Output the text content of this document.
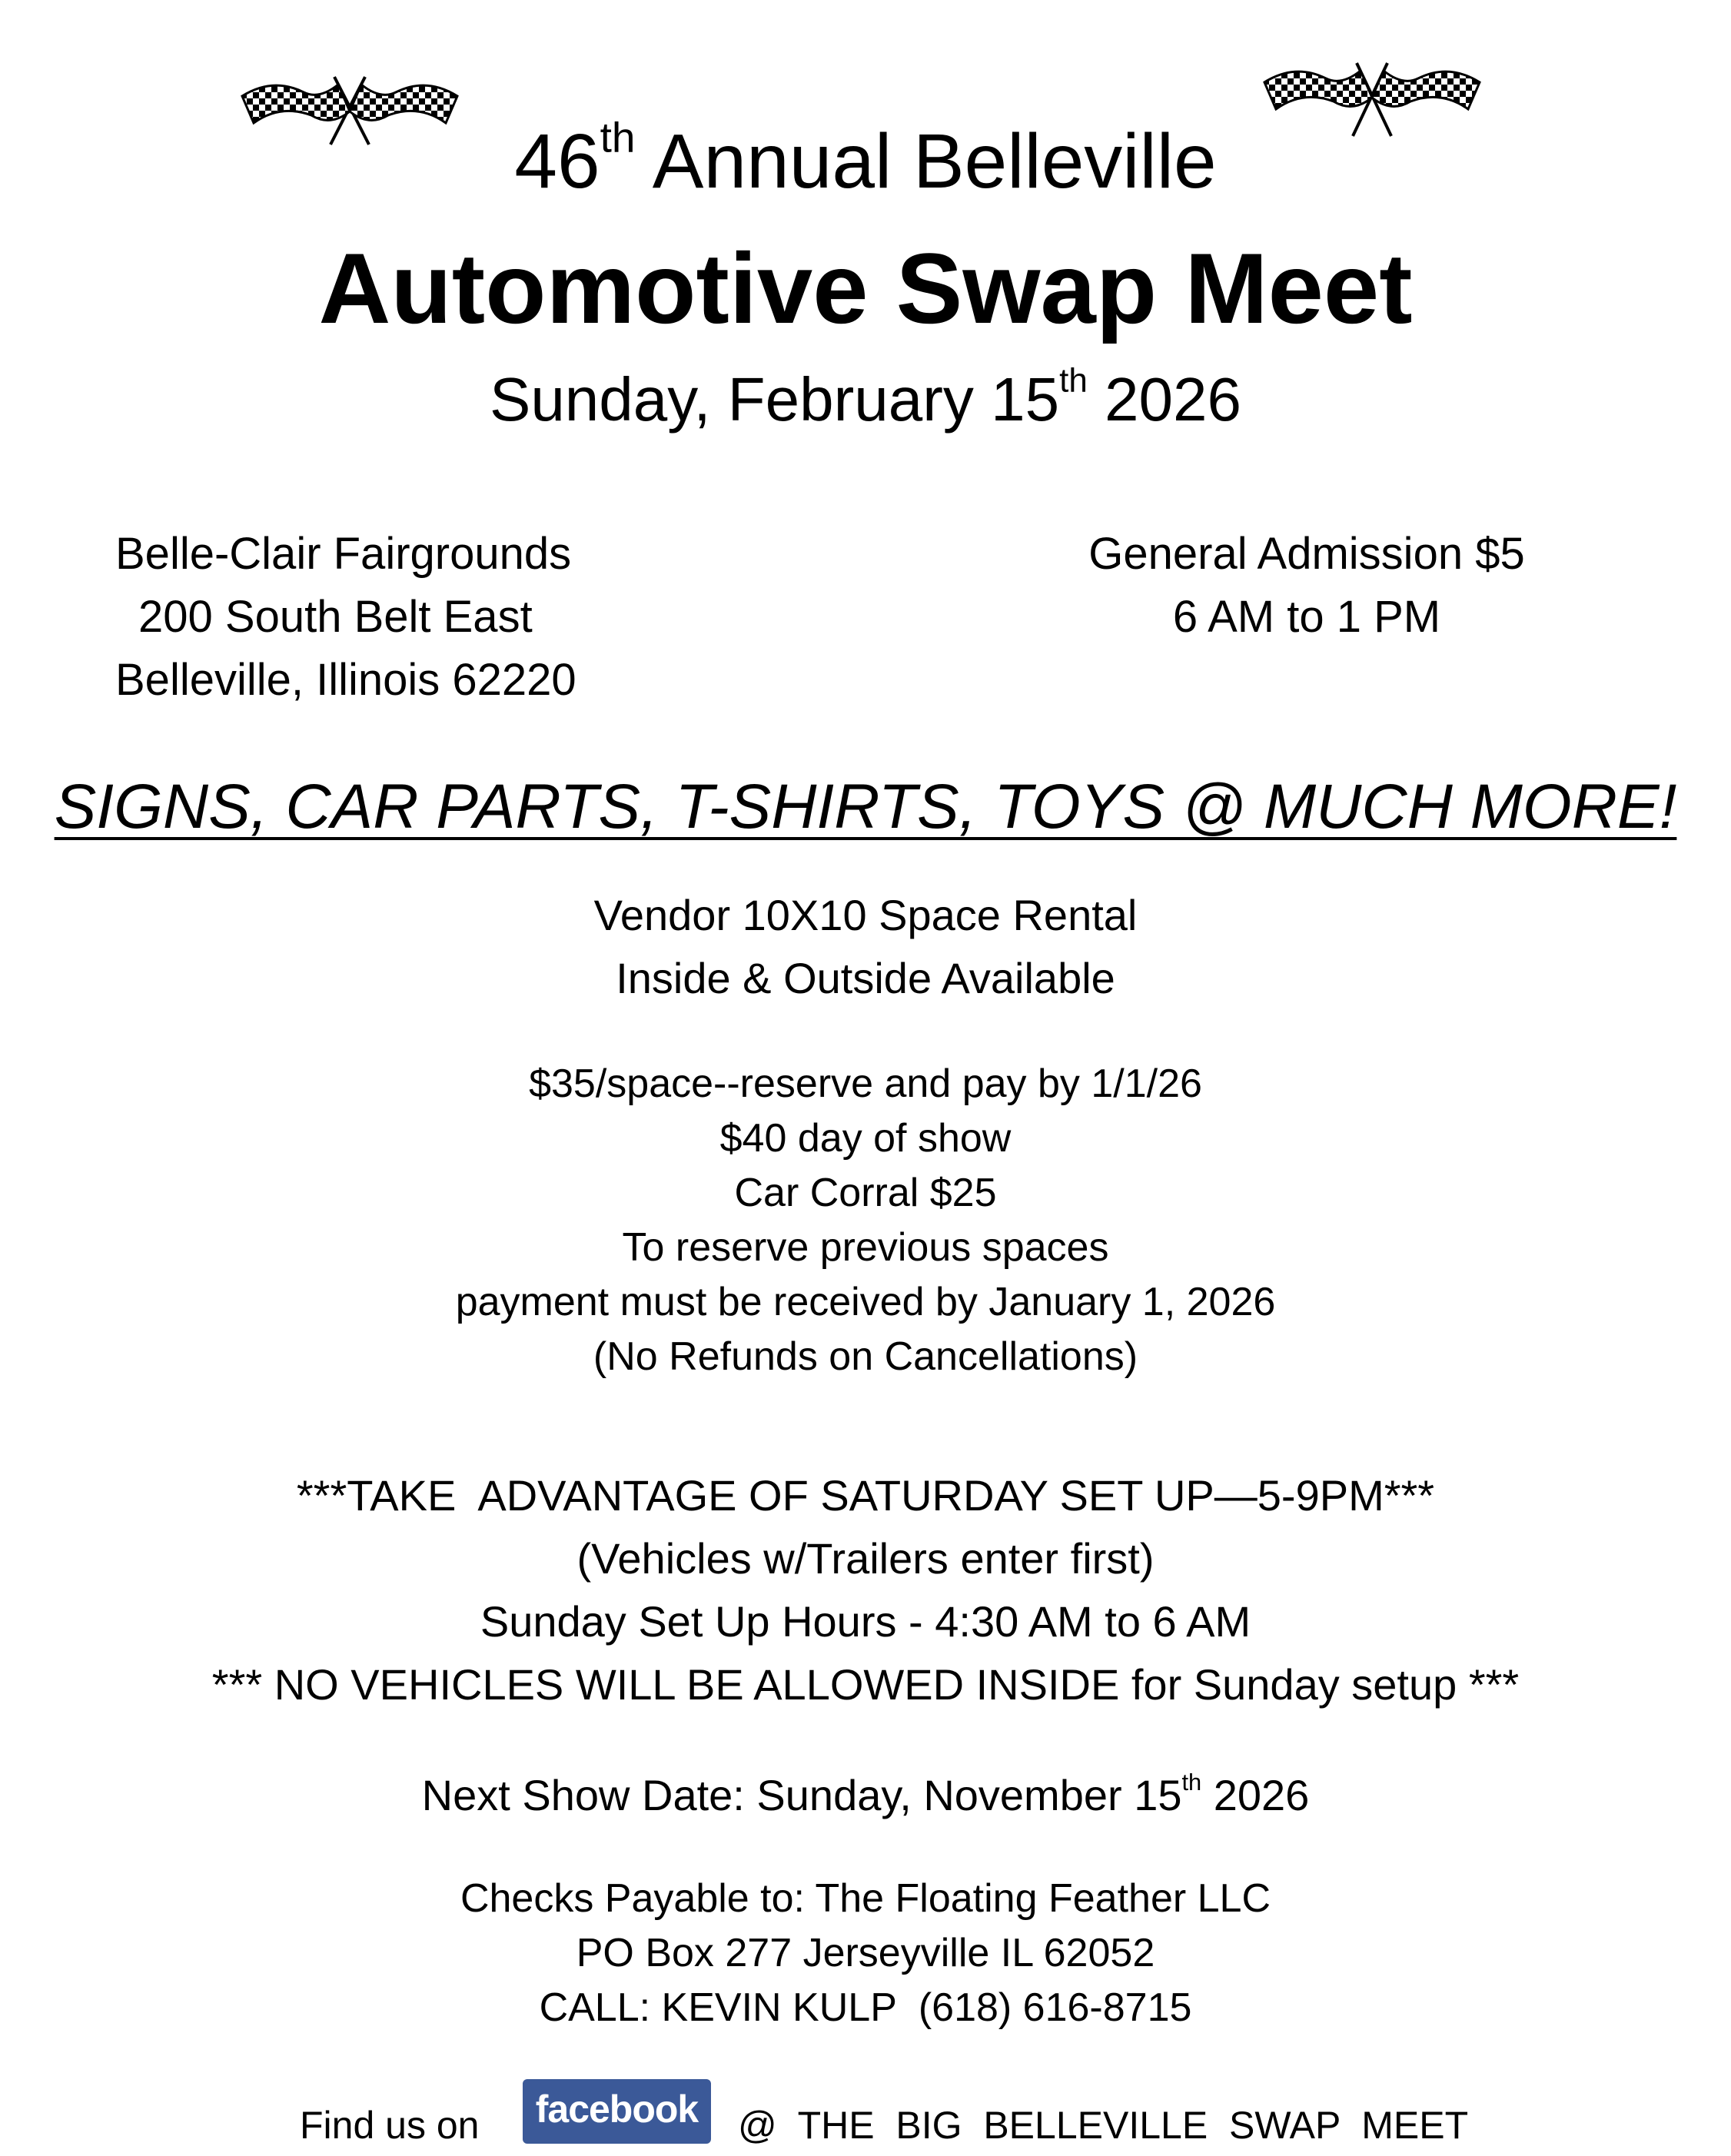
46th Annual Belleville
Automotive Swap Meet
Sunday, February 15th 2026
Belle-Clair Fairgrounds
200 South Belt East
Belleville, Illinois 62220
General Admission $5
6 AM to 1 PM
SIGNS, CAR PARTS, T-SHIRTS, TOYS @ MUCH MORE!
Vendor 10X10 Space Rental
Inside & Outside Available
$35/space--reserve and pay by 1/1/26
$40 day of show
Car Corral $25
To reserve previous spaces
payment must be received by January 1, 2026
(No Refunds on Cancellations)
***TAKE  ADVANTAGE OF SATURDAY SET UP—5-9PM***
(Vehicles w/Trailers enter first)
Sunday Set Up Hours - 4:30 AM to 6 AM
*** NO VEHICLES WILL BE ALLOWED INSIDE for Sunday setup ***
Next Show Date: Sunday, November 15th 2026
Checks Payable to: The Floating Feather LLC
PO Box 277 Jerseyville IL 62052
CALL: KEVIN KULP  (618) 616-8715
Find us on	facebook	@  THE  BIG  BELLEVILLE  SWAP  MEET
